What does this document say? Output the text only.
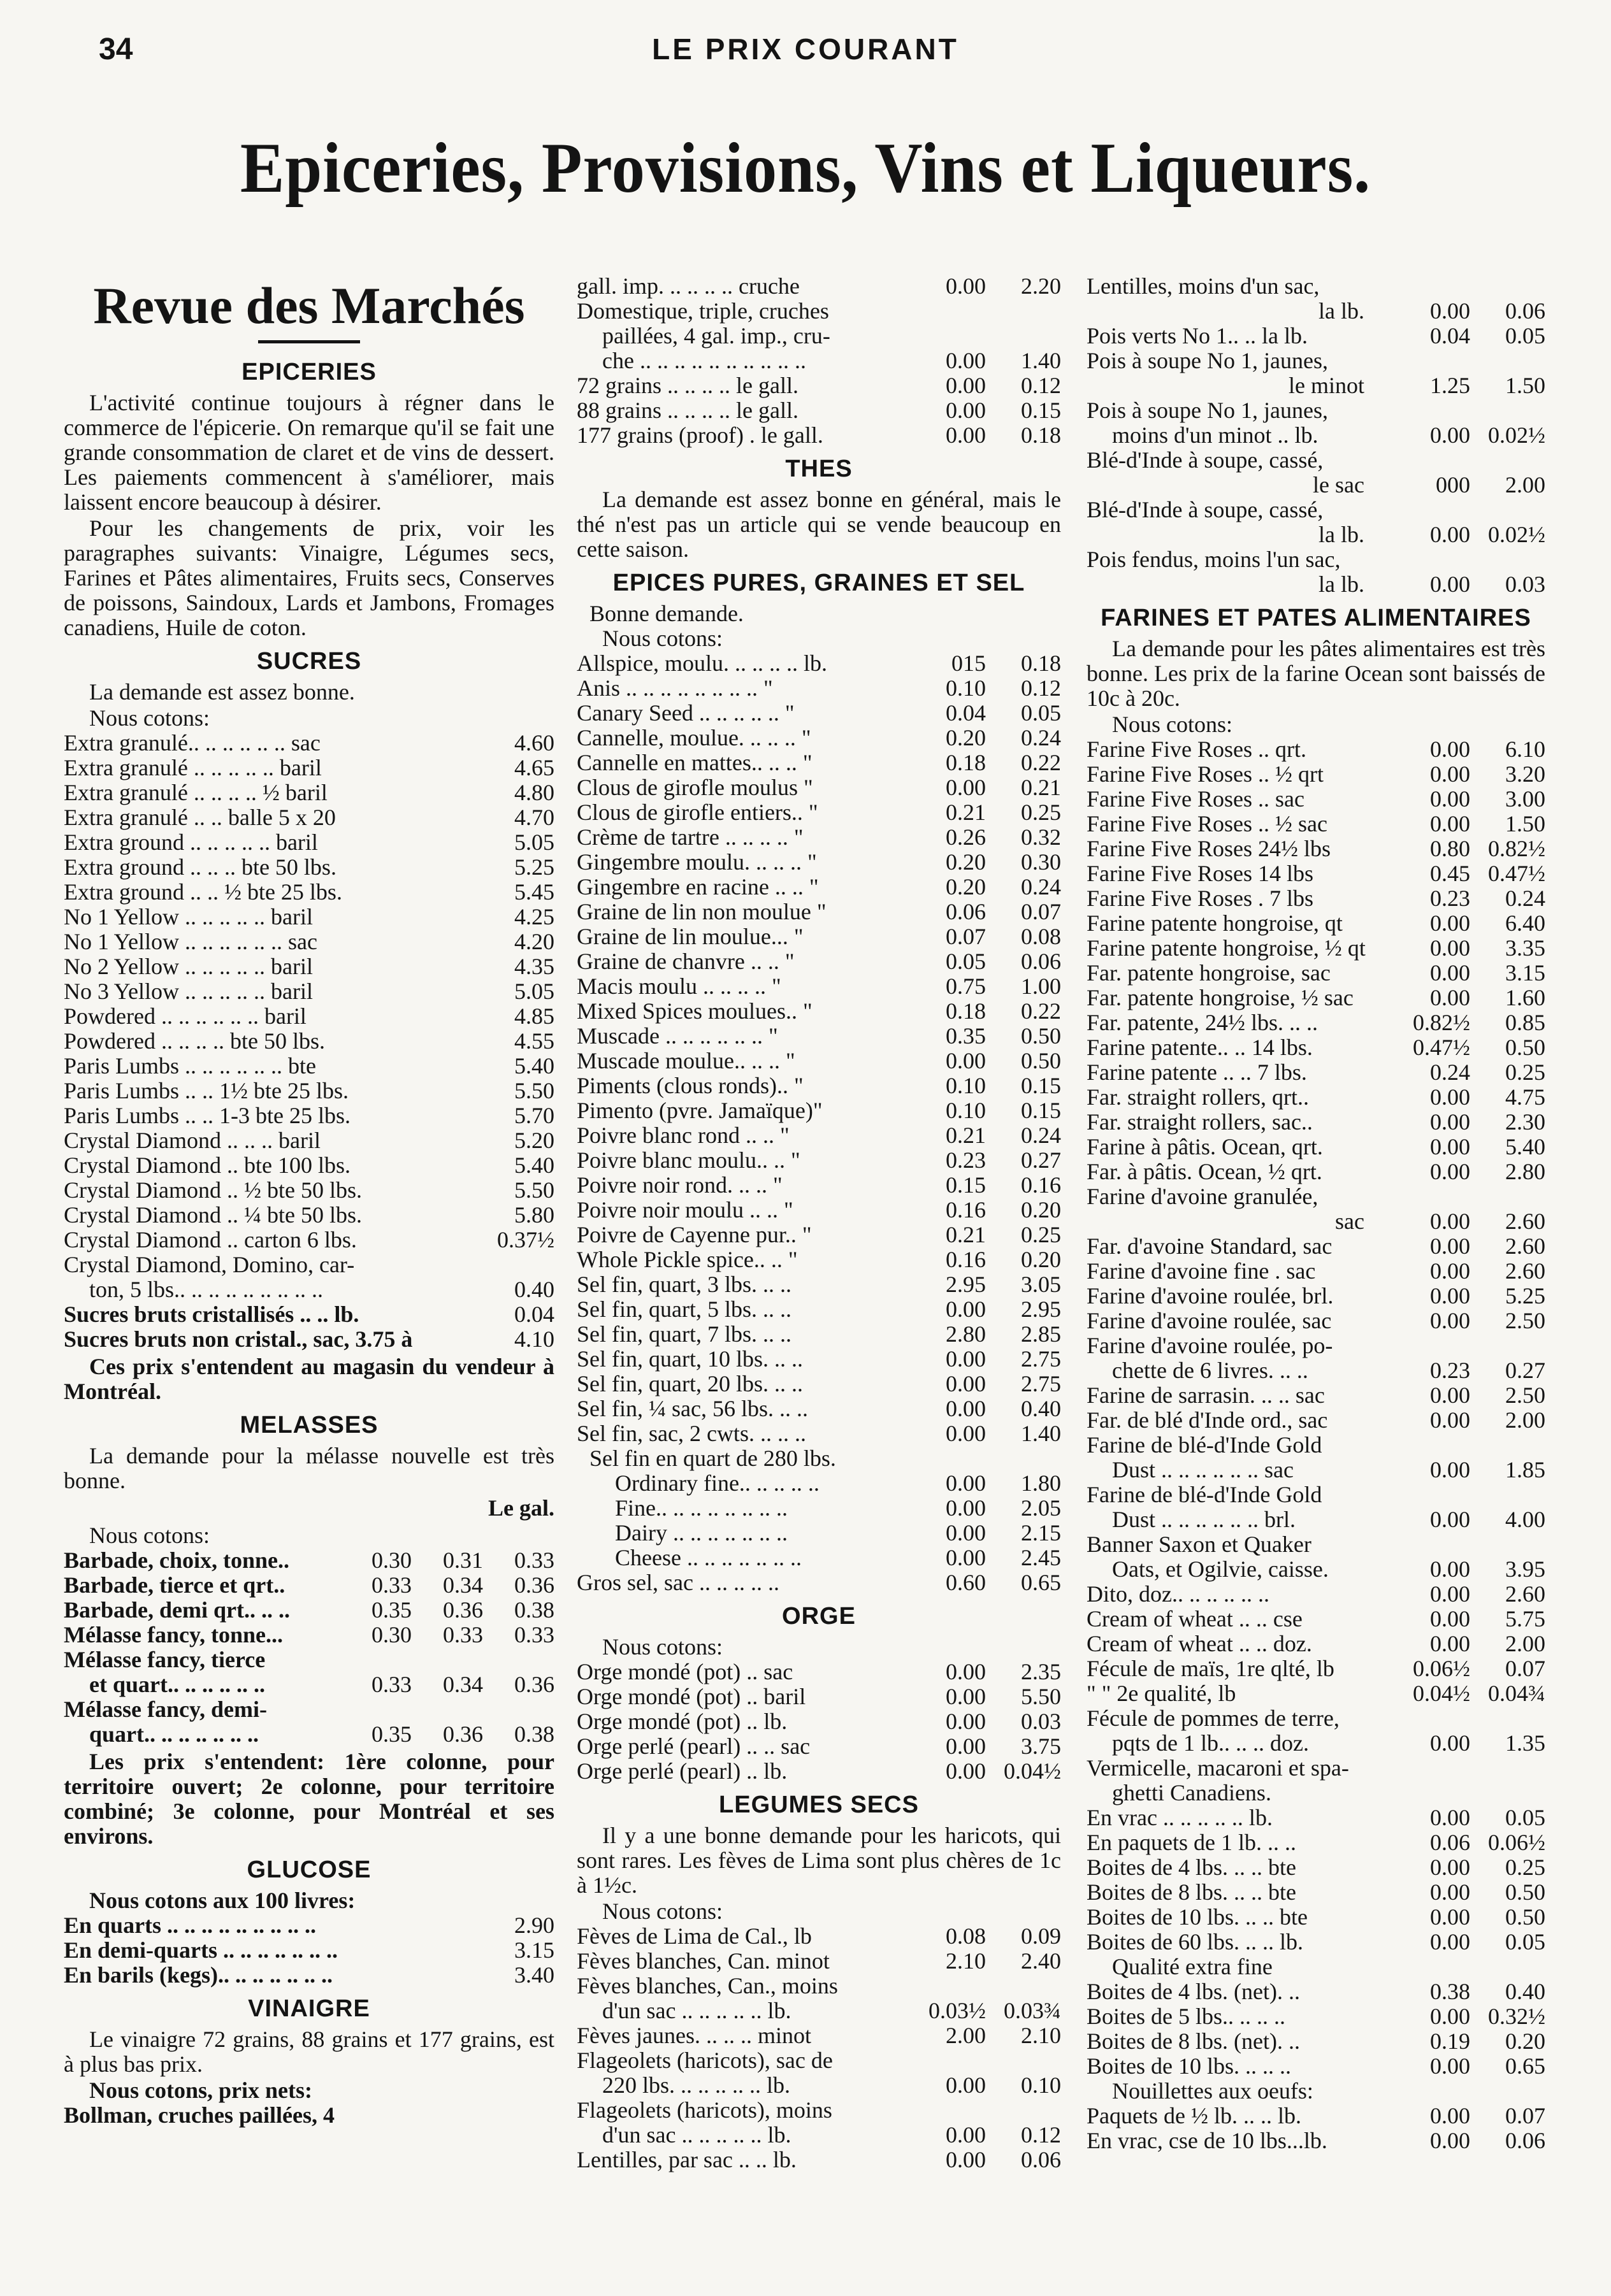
34	LE PRIX COURANT
Epiceries, Provisions, Vins et Liqueurs.
Revue des Marchés
EPICERIES

L'activité continue toujours à régner dans le commerce de l'épicerie. On remarque qu'il se fait une grande consommation de claret et de vins de dessert. Les paiements commencent à s'améliorer, mais laissent encore beaucoup à désirer.

Pour les changements de prix, voir les paragraphes suivants: Vinaigre, Légumes secs, Farines et Pâtes alimentaires, Fruits secs, Conserves de poissons, Saindoux, Lards et Jambons, Fromages canadiens, Huile de coton.

SUCRES

La demande est assez bonne.

Nous cotons:

Extra granulé.. .. .. .. .. .. sac	4.60
Extra granulé .. .. .. .. .. baril	4.65
Extra granulé .. .. .. .. ½ baril	4.80
Extra granulé .. .. balle 5 x 20	4.70
Extra ground .. .. .. .. .. baril	5.05
Extra ground .. .. .. bte 50 lbs.	5.25
Extra ground .. .. ½ bte 25 lbs.	5.45
No 1 Yellow .. .. .. .. .. baril	4.25
No 1 Yellow .. .. .. .. .. .. sac	4.20
No 2 Yellow .. .. .. .. .. baril	4.35
No 3 Yellow .. .. .. .. .. baril	5.05
Powdered .. .. .. .. .. .. baril	4.85
Powdered .. .. .. .. bte 50 lbs.	4.55
Paris Lumbs .. .. .. .. .. .. bte	5.40
Paris Lumbs .. .. 1½ bte 25 lbs.	5.50
Paris Lumbs .. .. 1-3 bte 25 lbs.	5.70
Crystal Diamond .. .. .. baril	5.20
Crystal Diamond .. bte 100 lbs.	5.40
Crystal Diamond .. ½ bte 50 lbs.	5.50
Crystal Diamond .. ¼ bte 50 lbs.	5.80
Crystal Diamond .. carton 6 lbs.	0.37½
Crystal Diamond, Domino, car-
ton, 5 lbs.. .. .. .. .. .. .. .. ..	0.40
Sucres bruts cristallisés .. .. lb.	0.04
Sucres bruts non cristal., sac, 3.75 à	4.10

Ces prix s'entendent au magasin du vendeur à Montréal.

MELASSES

La demande pour la mélasse nouvelle est très bonne.

Le gal.

Nous cotons:

Barbade, choix, tonne..	0.30	0.31	0.33
Barbade, tierce et qrt..	0.33	0.34	0.36
Barbade, demi qrt.. .. ..	0.35	0.36	0.38
Mélasse fancy, tonne...	0.30	0.33	0.33
Mélasse fancy, tierce
et quart.. .. .. .. .. ..	0.33	0.34	0.36
Mélasse fancy, demi-
quart.. .. .. .. .. .. ..	0.35	0.36	0.38

Les prix s'entendent: 1ère colonne, pour territoire ouvert; 2e colonne, pour territoire combiné; 3e colonne, pour Montréal et ses environs.

GLUCOSE

Nous cotons aux 100 livres:

En quarts .. .. .. .. .. .. .. .. ..	2.90
En demi-quarts .. .. .. .. .. .. ..	3.15
En barils (kegs).. .. .. .. .. .. ..	3.40
VINAIGRE

Le vinaigre 72 grains, 88 grains et 177 grains, est à plus bas prix.

Nous cotons, prix nets:

Bollman, cruches paillées, 4
gall. imp. .. .. .. .. cruche	0.00	2.20
Domestique, triple, cruches
paillées, 4 gal. imp., cru-
che .. .. .. .. .. .. .. .. .. ..	0.00	1.40
72 grains .. .. .. .. le gall.	0.00	0.12
88 grains .. .. .. .. le gall.	0.00	0.15
177 grains (proof) . le gall.	0.00	0.18
THES

La demande est assez bonne en général, mais le thé n'est pas un article qui se vende beaucoup en cette saison.

EPICES PURES, GRAINES ET SEL

Bonne demande.

Nous cotons:

Allspice, moulu. .. .. .. .. lb.	015	0.18
Anis .. .. .. .. .. .. .. .. "	0.10	0.12
Canary Seed .. .. .. .. .. "	0.04	0.05
Cannelle, moulue. .. .. .. "	0.20	0.24
Cannelle en mattes.. .. .. "	0.18	0.22
Clous de girofle moulus "	0.00	0.21
Clous de girofle entiers.. "	0.21	0.25
Crème de tartre .. .. .. .. "	0.26	0.32
Gingembre moulu. .. .. .. "	0.20	0.30
Gingembre en racine .. .. "	0.20	0.24
Graine de lin non moulue "	0.06	0.07
Graine de lin moulue... "	0.07	0.08
Graine de chanvre .. .. "	0.05	0.06
Macis moulu .. .. .. .. "	0.75	1.00
Mixed Spices moulues.. "	0.18	0.22
Muscade .. .. .. .. .. .. "	0.35	0.50
Muscade moulue.. .. .. "	0.00	0.50
Piments (clous ronds).. "	0.10	0.15
Pimento (pvre. Jamaïque)"	0.10	0.15
Poivre blanc rond .. .. "	0.21	0.24
Poivre blanc moulu.. .. "	0.23	0.27
Poivre noir rond. .. .. "	0.15	0.16
Poivre noir moulu .. .. "	0.16	0.20
Poivre de Cayenne pur.. "	0.21	0.25
Whole Pickle spice.. .. "	0.16	0.20
Sel fin, quart, 3 lbs. .. ..	2.95	3.05
Sel fin, quart, 5 lbs. .. ..	0.00	2.95
Sel fin, quart, 7 lbs. .. ..	2.80	2.85
Sel fin, quart, 10 lbs. .. ..	0.00	2.75
Sel fin, quart, 20 lbs. .. ..	0.00	2.75
Sel fin, ¼ sac, 56 lbs. .. ..	0.00	0.40
Sel fin, sac, 2 cwts. .. .. ..	0.00	1.40
Sel fin en quart de 280 lbs.
Ordinary fine.. .. .. .. ..	0.00	1.80
Fine.. .. .. .. .. .. .. ..	0.00	2.05
Dairy .. .. .. .. .. .. ..	0.00	2.15
Cheese .. .. .. .. .. .. ..	0.00	2.45
Gros sel, sac .. .. .. .. ..	0.60	0.65
ORGE

Nous cotons:

Orge mondé (pot) .. sac	0.00	2.35
Orge mondé (pot) .. baril	0.00	5.50
Orge mondé (pot) .. lb.	0.00	0.03
Orge perlé (pearl) .. .. sac	0.00	3.75
Orge perlé (pearl) .. lb.	0.00 0.04½
LEGUMES SECS

Il y a une bonne demande pour les haricots, qui sont rares. Les fèves de Lima sont plus chères de 1c à 1½c.

Nous cotons:

Fèves de Lima de Cal., lb	0.08	0.09
Fèves blanches, Can. minot	2.10	2.40
Fèves blanches, Can., moins
d'un sac .. .. .. .. .. lb.	0.03½ 0.03¾
Fèves jaunes. .. .. .. minot	2.00	2.10
Flageolets (haricots), sac de
220 lbs. .. .. .. .. .. lb.	0.00	0.10
Flageolets (haricots), moins
d'un sac .. .. .. .. .. lb.	0.00	0.12
Lentilles, par sac .. .. lb.	0.00	0.06
Lentilles, moins d'un sac,
la lb.	0.00	0.06
Pois verts No 1.. .. la lb.	0.04	0.05
Pois à soupe No 1, jaunes,
le minot	1.25	1.50
Pois à soupe No 1, jaunes,
moins d'un minot .. lb.	0.00 0.02½
Blé-d'Inde à soupe, cassé,
le sac	000	2.00
Blé-d'Inde à soupe, cassé,
la lb.	0.00 0.02½
Pois fendus, moins l'un sac,
la lb.	0.00	0.03
FARINES ET PATES ALIMENTAIRES

La demande pour les pâtes alimentaires est très bonne. Les prix de la farine Ocean sont baissés de 10c à 20c.

Nous cotons:

Farine Five Roses .. qrt.	0.00	6.10
Farine Five Roses .. ½ qrt	0.00	3.20
Farine Five Roses .. sac	0.00	3.00
Farine Five Roses .. ½ sac	0.00	1.50
Farine Five Roses 24½ lbs	0.80 0.82½
Farine Five Roses 14 lbs	0.45 0.47½
Farine Five Roses . 7 lbs	0.23	0.24
Farine patente hongroise, qt	0.00	6.40
Farine patente hongroise, ½ qt	0.00	3.35
Far. patente hongroise, sac	0.00	3.15
Far. patente hongroise, ½ sac	0.00	1.60
Far. patente, 24½ lbs. .. ..	0.82½	0.85
Farine patente.. .. 14 lbs.	0.47½	0.50
Farine patente .. .. 7 lbs.	0.24	0.25
Far. straight rollers, qrt..	0.00	4.75
Far. straight rollers, sac..	0.00	2.30
Farine à pâtis. Ocean, qrt.	0.00	5.40
Far. à pâtis. Ocean, ½ qrt.	0.00	2.80
Farine d'avoine granulée,
sac	0.00	2.60
Far. d'avoine Standard, sac	0.00	2.60
Farine d'avoine fine . sac	0.00	2.60
Farine d'avoine roulée, brl.	0.00	5.25
Farine d'avoine roulée, sac	0.00	2.50
Farine d'avoine roulée, po-
chette de 6 livres. .. ..	0.23	0.27
Farine de sarrasin. .. .. sac	0.00	2.50
Far. de blé d'Inde ord., sac	0.00	2.00
Farine de blé-d'Inde Gold
Dust .. .. .. .. .. .. sac	0.00	1.85
Farine de blé-d'Inde Gold
Dust .. .. .. .. .. .. brl.	0.00	4.00
Banner Saxon et Quaker
Oats, et Ogilvie, caisse.	0.00	3.95
Dito, doz.. .. .. .. .. ..	0.00	2.60
Cream of wheat .. .. cse	0.00	5.75
Cream of wheat .. .. doz.	0.00	2.00
Fécule de maïs, 1re qlté, lb	0.06½	0.07
" " 2e qualité, lb	0.04½ 0.04¾
Fécule de pommes de terre,
pqts de 1 lb.. .. .. doz.	0.00	1.35
Vermicelle, macaroni et spa-
ghetti Canadiens.
En vrac .. .. .. .. .. lb.	0.00	0.05
En paquets de 1 lb. .. ..	0.06 0.06½
Boites de 4 lbs. .. .. bte	0.00	0.25
Boites de 8 lbs. .. .. bte	0.00	0.50
Boites de 10 lbs. .. .. bte	0.00	0.50
Boites de 60 lbs. .. .. lb.	0.00	0.05
Qualité extra fine
Boites de 4 lbs. (net). ..	0.38	0.40
Boites de 5 lbs.. .. .. ..	0.00 0.32½
Boites de 8 lbs. (net). ..	0.19	0.20
Boites de 10 lbs. .. .. ..	0.00	0.65
Nouillettes aux oeufs:
Paquets de ½ lb. .. .. lb.	0.00	0.07
En vrac, cse de 10 lbs...lb.	0.00	0.06
